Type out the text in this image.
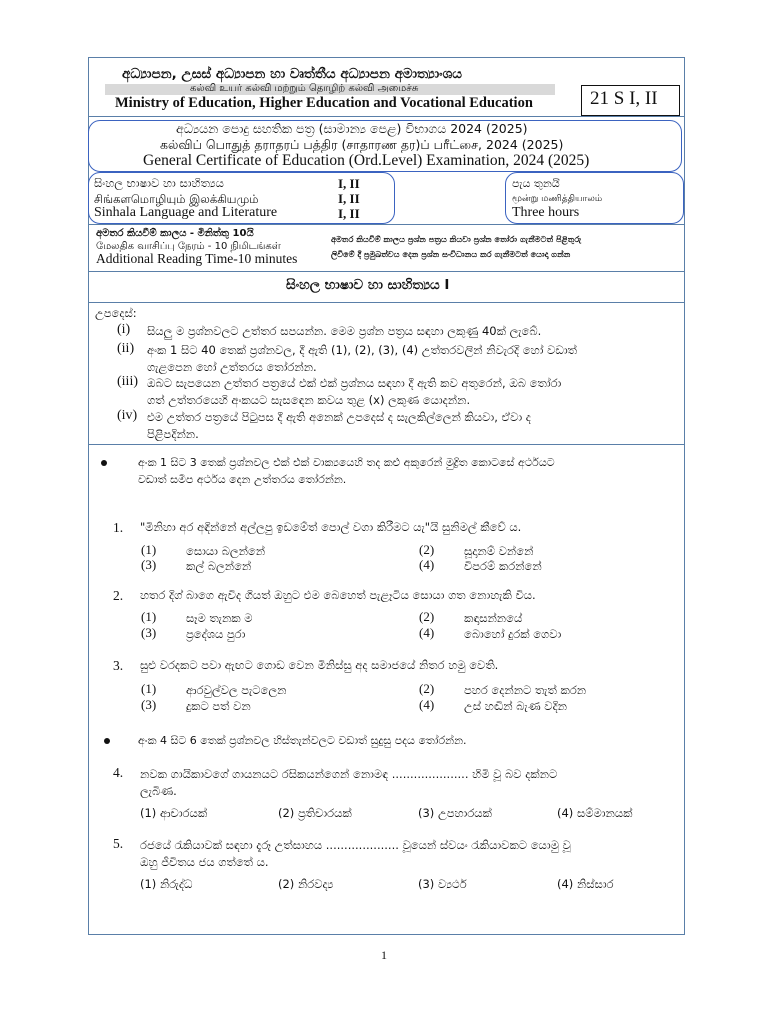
අධ්‍යාපන, උසස් අධ්‍යාපන හා වෘත්තීය අධ්‍යාපන අමාත්‍යාංශය
கல்வி உயர் கல்வி மற்றும் தொழிற் கல்வி அமைச்சு
Ministry of Education, Higher Education and Vocational Education	21 S I, II
අධ්‍යයන පොදු සහතික පත්‍ර (සාමාන්‍ය පෙළ) විභාගය 2024 (2025)
கல்விப் பொதுத் தராதரப் பத்திர (சாதாரண தர)ப் பரீட்சை, 2024 (2025)
General Certificate of Education (Ord.Level) Examination, 2024 (2025)
සිංහල භාෂාව හා සාහිත්‍යය
சிங்களமொழியும் இலக்கியமும்
Sinhala Language and Literature
I, II
I, II
I, II
පැය තුනයි
மூன்று மணித்தியாலம்
Three hours
අමතර කියවීම් කාලය - මිනිත්තු 10යි
மேலதிக வாசிப்பு நேரம் - 10 நிமிடங்கள்
Additional Reading Time-10 minutes
අමතර කියවීම් කාලය ප්‍රශ්න පත්‍රය කියවා ප්‍රශ්න තෝරා ගැනීමටත් පිළිතුරු
ලිවීමේ දී ප්‍රමුඛත්වය දෙන ප්‍රශ්න සංවිධානය කර ගැනීමටත් යොදා ගන්න
සිංහල භාෂාව හා සාහිත්‍යය I
උපදෙස්:
(i) සියලු ම ප්‍රශ්නවලට උත්තර සපයන්න. මෙම ප්‍රශ්න පත්‍රය සඳහා ලකුණු 40ක් ලැබේ.
(ii) අංක 1 සිට 40 තෙක් ප්‍රශ්නවල, දී ඇති (1), (2), (3), (4) උත්තරවලින් නිවැරදි හෝ වඩාත්
ගැළපෙන හෝ උත්තරය තෝරන්න.
(iii) ඔබට සැපයෙන උත්තර පත්‍රයේ එක් එක් ප්‍රශ්නය සඳහා දී ඇති කව අතුරෙන්, ඔබ තෝරා
ගත් උත්තරයෙහි අංකයට සැසඳෙන කවය තුළ (x) ලකුණ යොදන්න.
(iv) එම උත්තර පත්‍රයේ පිටුපස දී ඇති අනෙක් උපදෙස් ද සැලකිල්ලෙන් කියවා, ඒවා ද
පිළිපදින්න.
අංක 1 සිට 3 තෙක් ප්‍රශ්නවල එක් එක් වාක්‍යයෙහි තද කළු අකුරෙන් මුද්‍රිත කොටසේ අර්ථයට
වඩාත් සමීප අර්ථය දෙන උත්තරය තෝරන්න.
1. "මිනිහා අර අඳින්නේ අල්ලපු ඉඩමේත් පොල් වගා කිරීමට යැ"යි සුනිමල් කීවේ ය.
(1)	සොයා බලන්නේ	(2)	සූදානම් වන්නේ
(3)	කල් බලන්නේ	(4)	විපරම් කරන්නේ
2. හතර දිග් බාගෙ ඇවිද ගියත් ඔහුට එම බෙහෙත් පැළෑටිය සොයා ගත නොහැකි විය.
(1)	සෑම තැනක ම	(2)	කඳාසන්නයේ
(3)	ප්‍රදේශය පුරා	(4)	බොහෝ දුරක් ගෙවා
3. සුළු වරදකට පවා ඇඟට ගොඩ වෙන මිනිස්සු අද සමාජයේ නිතර හමු වෙති.
(1)	ආරවුල්වල පැටලෙන	(2)	පහර දෙන්නට තැත් කරන
(3)	දුකට පත් වන	(4)	උස් හඬින් බැණ වදින
අංක 4 සිට 6 තෙක් ප්‍රශ්නවල හිස්තැන්වලට වඩාත් සුදුසු පදය තෝරන්න.
4. නවක ගායිකාවගේ ගායනයට රසිකයන්ගෙන් නොමඳ ..................... හිමි වූ බව දක්නට
ලැබිණ.
(1) ආචාරයක්	(2) ප්‍රතිචාරයක්	(3) උපහාරයක්	(4) සම්මානයක්
5. රජයේ රැකියාවක් සඳහා දැරූ උත්සාහය .................... වූයෙන් ස්වයං රැකියාවකට යොමු වූ
ඔහු ජීවිතය ජය ගත්තේ ය.
(1) නිරුද්ධ	(2) නිරවද්‍ය	(3) ව්‍යර්ථ	(4) නිස්සාර
1
